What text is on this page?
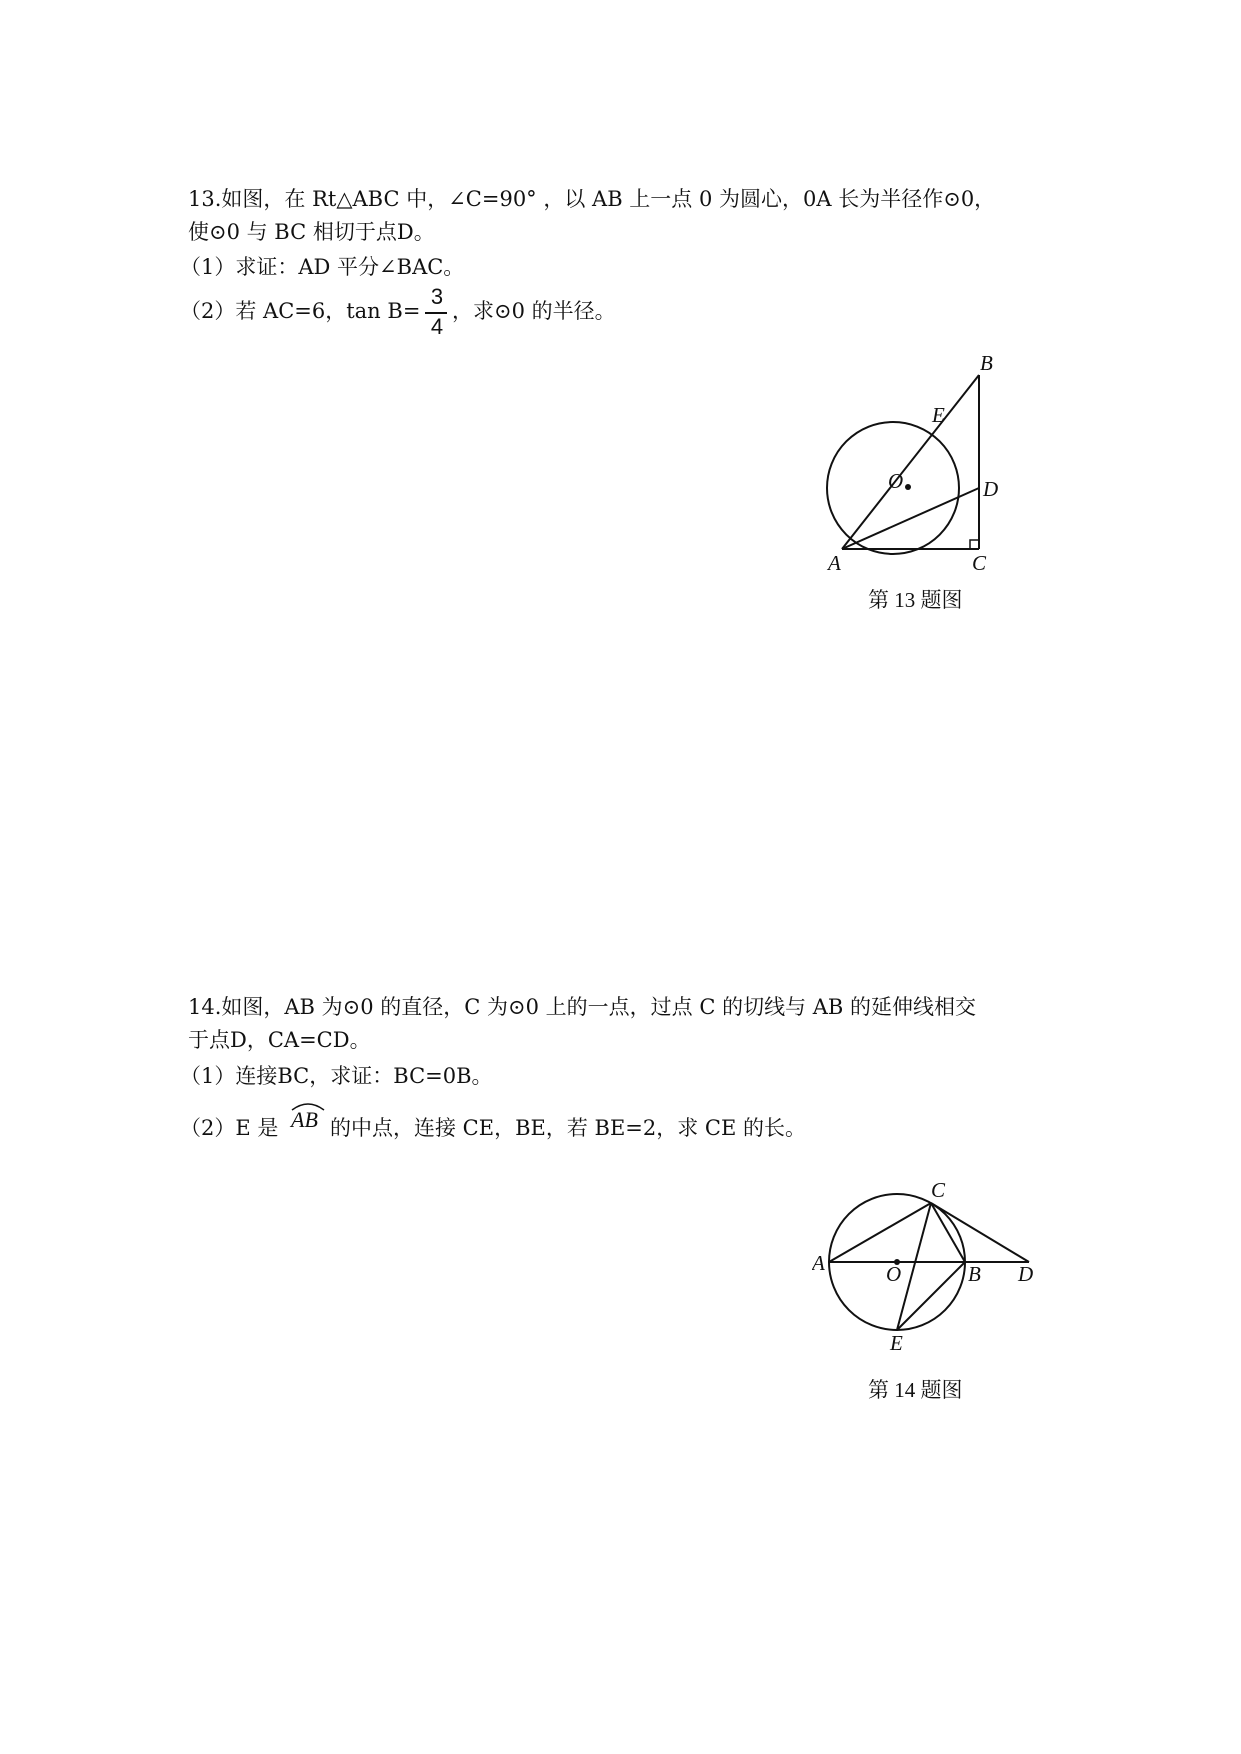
13.如图，在 Rt△ABC 中，∠C=90° ，以 AB 上一点 0 为圆心，0A 长为半径作⊙0，
使⊙0 与 BC 相切于点D。
（1）求证：AD 平分∠BAC。
（2）若 AC=6，tan B=
3
4
，求⊙0 的半径。
B
E
O	D
A	C
第 13 题图
14.如图，AB 为⊙0 的直径，C 为⊙0 上的一点，过点 C 的切线与 AB 的延伸线相交
于点D，CA=CD。
（1）连接BC，求证：BC=0B。
（2）E 是 AB 的中点，连接 CE，BE，若 BE=2，求 CE 的长。
C
A	O	B D
E
第 14 题图
